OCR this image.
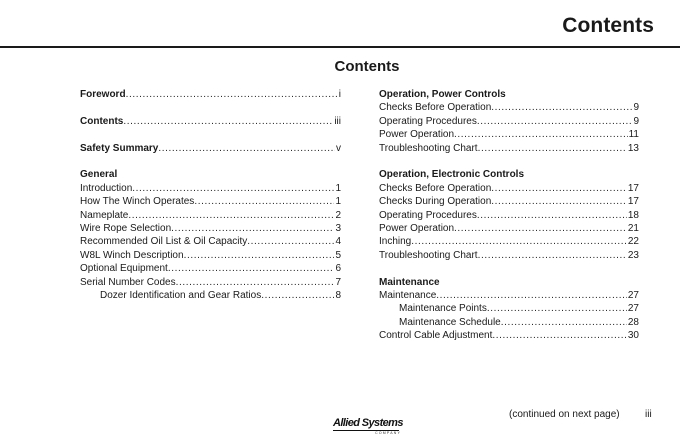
Contents
Contents
Foreword .....	i
Contents .....	iii
Safety Summary .....	v
General
Introduction .....	1
How The Winch Operates .....	1
Nameplate .....	2
Wire Rope Selection .....	3
Recommended Oil List & Oil Capacity .....	4
W8L Winch Description .....	5
Optional Equipment .....	6
Serial Number Codes .....	7
Dozer Identification and Gear Ratios .....	8
Operation, Power Controls
Checks Before Operation .....	9
Operating Procedures .....	9
Power Operation .....	11
Troubleshooting Chart .....	13
Operation, Electronic Controls
Checks Before Operation .....	17
Checks During Operation .....	17
Operating Procedures .....	18
Power Operation .....	21
Inching .....	22
Troubleshooting Chart .....	23
Maintenance
Maintenance .....	27
Maintenance Points .....	27
Maintenance Schedule .....	28
Control Cable Adjustment .....	30
(continued on next page)	iii
Allied Systems
COMPANY
